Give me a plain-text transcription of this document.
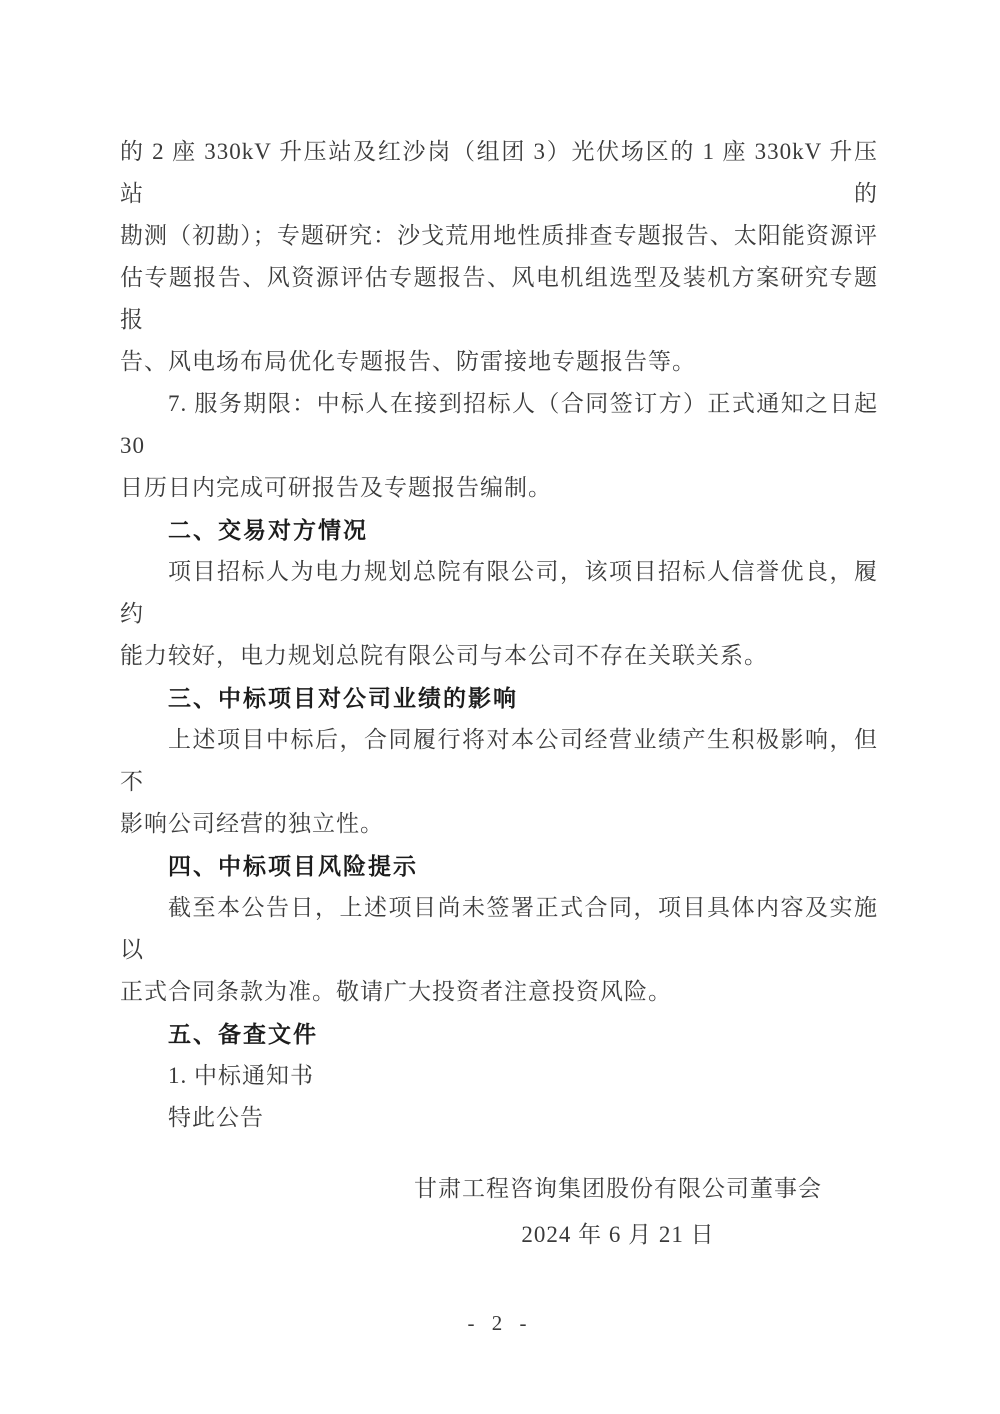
的 2 座 330kV 升压站及红沙岗（组团 3）光伏场区的 1 座 330kV 升压站的
勘测（初勘）；专题研究：沙戈荒用地性质排查专题报告、太阳能资源评
估专题报告、风资源评估专题报告、风电机组选型及装机方案研究专题报
告、风电场布局优化专题报告、防雷接地专题报告等。
7. 服务期限：中标人在接到招标人（合同签订方）正式通知之日起 30
日历日内完成可研报告及专题报告编制。
二、交易对方情况
项目招标人为电力规划总院有限公司，该项目招标人信誉优良，履约
能力较好，电力规划总院有限公司与本公司不存在关联关系。
三、中标项目对公司业绩的影响
上述项目中标后，合同履行将对本公司经营业绩产生积极影响，但不
影响公司经营的独立性。
四、中标项目风险提示
截至本公告日，上述项目尚未签署正式合同，项目具体内容及实施以
正式合同条款为准。敬请广大投资者注意投资风险。
五、备查文件
1. 中标通知书
特此公告
甘肃工程咨询集团股份有限公司董事会
2024 年 6 月 21 日
- 2 -
